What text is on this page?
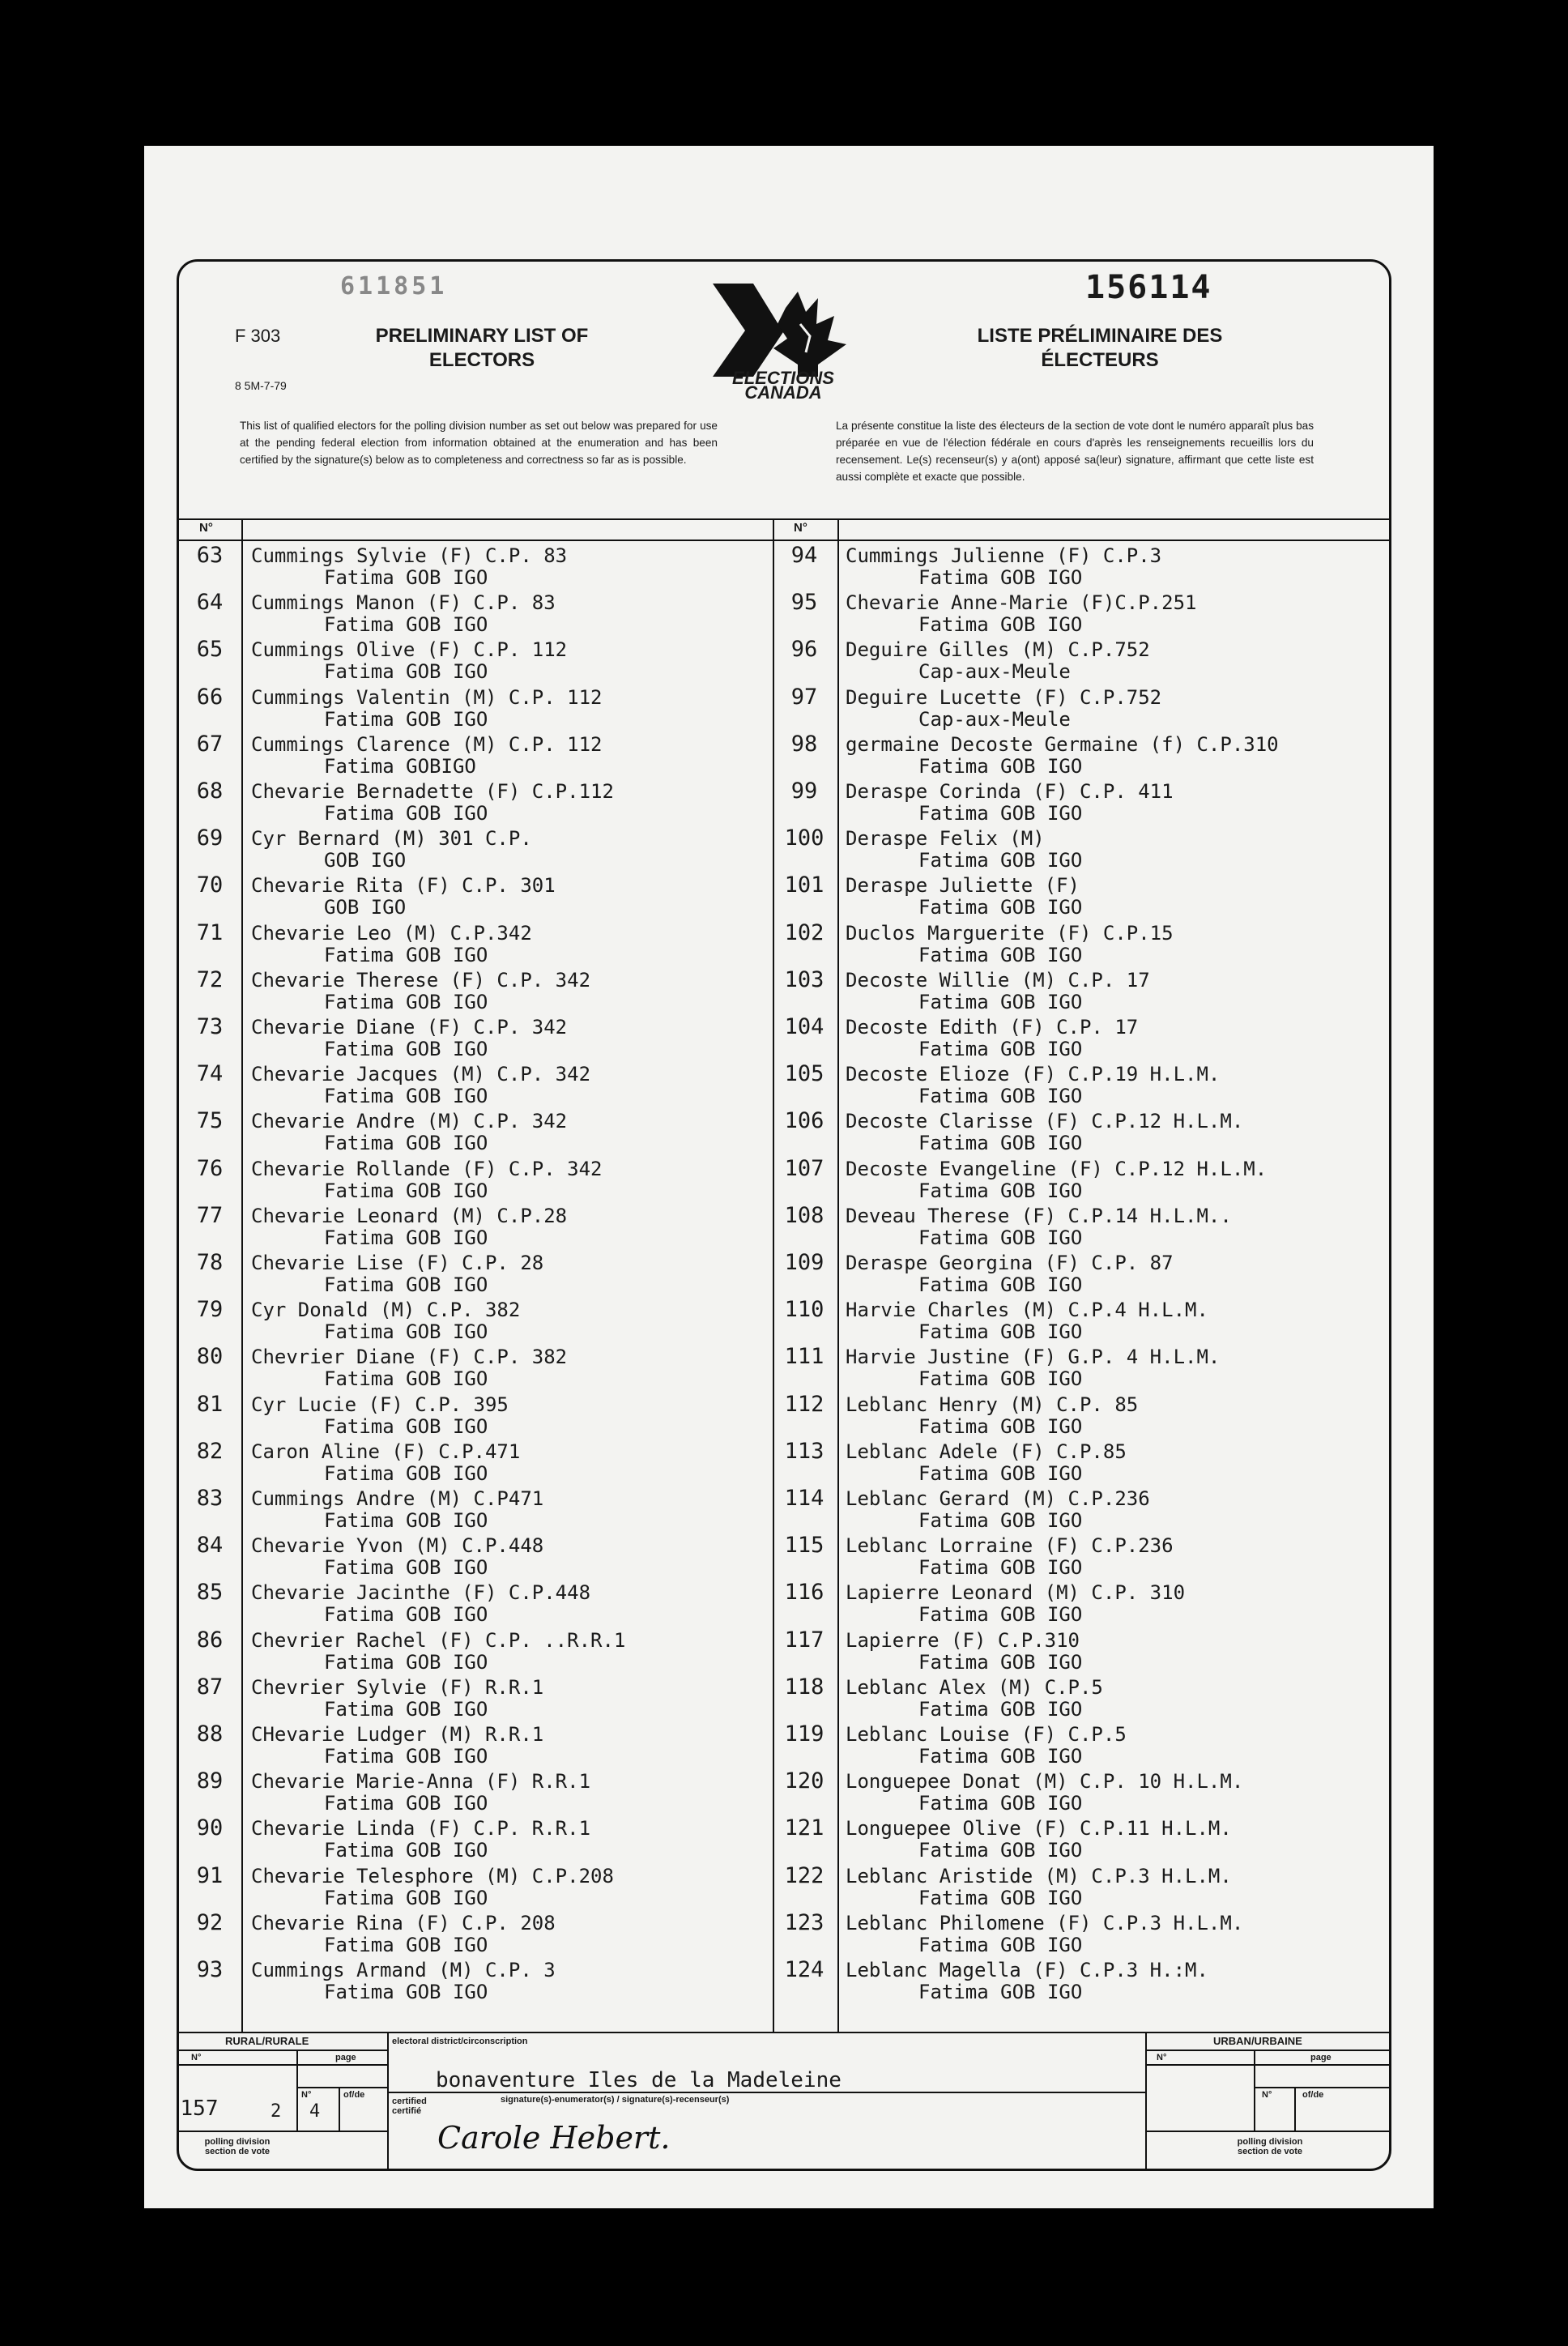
611851	156114
F 303
8 5M-7-79
PRELIMINARY LIST OF
ELECTORS
LISTE PRÉLIMINAIRE DES
ÉLECTEURS
ELECTIONS
CANADA
This list of qualified electors for the polling division number as set out below was prepared for use at the pending federal election from information obtained at the enumeration and has been certified by the signature(s) below as to completeness and correctness so far as is possible.
La présente constitue la liste des électeurs de la section de vote dont le numéro apparaît plus bas préparée en vue de l'élection fédérale en cours d'après les renseignements recueillis lors du recensement. Le(s) recenseur(s) y a(ont) apposé sa(leur) signature, affirmant que cette liste est aussi complète et exacte que possible.
N°	N°
63	Cummings Sylvie (F) C.P. 83
Fatima GOB IGO
64	Cummings Manon (F) C.P. 83
Fatima GOB IGO
65	Cummings Olive (F) C.P. 112
Fatima GOB IGO
66	Cummings Valentin (M) C.P. 112
Fatima GOB IGO
67	Cummings Clarence (M) C.P. 112
Fatima GOBIGO
68	Chevarie Bernadette (F) C.P.112
Fatima GOB IGO
69	Cyr Bernard (M) 301 C.P.
GOB IGO
70	Chevarie Rita (F) C.P. 301
GOB IGO
71	Chevarie Leo (M) C.P.342
Fatima GOB IGO
72	Chevarie Therese (F) C.P. 342
Fatima GOB IGO
73	Chevarie Diane (F) C.P. 342
Fatima GOB IGO
74	Chevarie Jacques (M) C.P. 342
Fatima GOB IGO
75	Chevarie Andre (M) C.P. 342
Fatima GOB IGO
76	Chevarie Rollande (F) C.P. 342
Fatima GOB IGO
77	Chevarie Leonard (M) C.P.28
Fatima GOB IGO
78	Chevarie Lise (F) C.P. 28
Fatima GOB IGO
79	Cyr Donald (M) C.P. 382
Fatima GOB IGO
80	Chevrier Diane (F) C.P. 382
Fatima GOB IGO
81	Cyr Lucie (F) C.P. 395
Fatima GOB IGO
82	Caron Aline (F) C.P.471
Fatima GOB IGO
83	Cummings Andre (M) C.P471
Fatima GOB IGO
84	Chevarie Yvon (M) C.P.448
Fatima GOB IGO
85	Chevarie Jacinthe (F) C.P.448
Fatima GOB IGO
86	Chevrier Rachel (F) C.P. ..R.R.1
Fatima GOB IGO
87	Chevrier Sylvie (F) R.R.1
Fatima GOB IGO
88	CHevarie Ludger (M) R.R.1
Fatima GOB IGO
89	Chevarie Marie-Anna (F) R.R.1
Fatima GOB IGO
90	Chevarie Linda (F) C.P. R.R.1
Fatima GOB IGO
91	Chevarie Telesphore (M) C.P.208
Fatima GOB IGO
92	Chevarie Rina (F) C.P. 208
Fatima GOB IGO
93	Cummings Armand (M) C.P. 3
Fatima GOB IGO
94	Cummings Julienne (F) C.P.3
Fatima GOB IGO
95	Chevarie Anne-Marie (F)C.P.251
Fatima GOB IGO
96	Deguire Gilles (M) C.P.752
Cap-aux-Meule
97	Deguire Lucette (F) C.P.752
Cap-aux-Meule
98	germaine Decoste Germaine (f) C.P.310
Fatima GOB IGO
99	Deraspe Corinda (F) C.P. 411
Fatima GOB IGO
100	Deraspe Felix (M)
Fatima GOB IGO
101	Deraspe Juliette (F)
Fatima GOB IGO
102	Duclos Marguerite (F) C.P.15
Fatima GOB IGO
103	Decoste Willie (M) C.P. 17
Fatima GOB IGO
104	Decoste Edith (F) C.P. 17
Fatima GOB IGO
105	Decoste Elioze (F) C.P.19 H.L.M.
Fatima GOB IGO
106	Decoste Clarisse (F) C.P.12 H.L.M.
Fatima GOB IGO
107	Decoste Evangeline (F) C.P.12 H.L.M.
Fatima GOB IGO
108	Deveau Therese (F) C.P.14 H.L.M..
Fatima GOB IGO
109	Deraspe Georgina (F) C.P. 87
Fatima GOB IGO
110	Harvie Charles (M) C.P.4 H.L.M.
Fatima GOB IGO
111	Harvie Justine (F) G.P. 4 H.L.M.
Fatima GOB IGO
112	Leblanc Henry (M) C.P. 85
Fatima GOB IGO
113	Leblanc Adele (F) C.P.85
Fatima GOB IGO
114	Leblanc Gerard (M) C.P.236
Fatima GOB IGO
115	Leblanc Lorraine (F) C.P.236
Fatima GOB IGO
116	Lapierre Leonard (M) C.P. 310
Fatima GOB IGO
117	Lapierre (F) C.P.310
Fatima GOB IGO
118	Leblanc Alex (M) C.P.5
Fatima GOB IGO
119	Leblanc Louise (F) C.P.5
Fatima GOB IGO
120	Longuepee Donat (M) C.P. 10 H.L.M.
Fatima GOB IGO
121	Longuepee Olive (F) C.P.11 H.L.M.
Fatima GOB IGO
122	Leblanc Aristide (M) C.P.3 H.L.M.
Fatima GOB IGO
123	Leblanc Philomene (F) C.P.3 H.L.M.
Fatima GOB IGO
124	Leblanc Magella (F) C.P.3 H.:M.
Fatima GOB IGO
RURAL/RURALE	URBAN/URBAINE
electoral district/circonscription
N°	page	N°	page
N°	of/de	N°	of/de
bonaventure Iles de la Madeleine
157	2 4	certified
certifié
signature(s)-enumerator(s) / signature(s)-recenseur(s)
Carole Hebert.
polling division
section de vote
polling division
section de vote
